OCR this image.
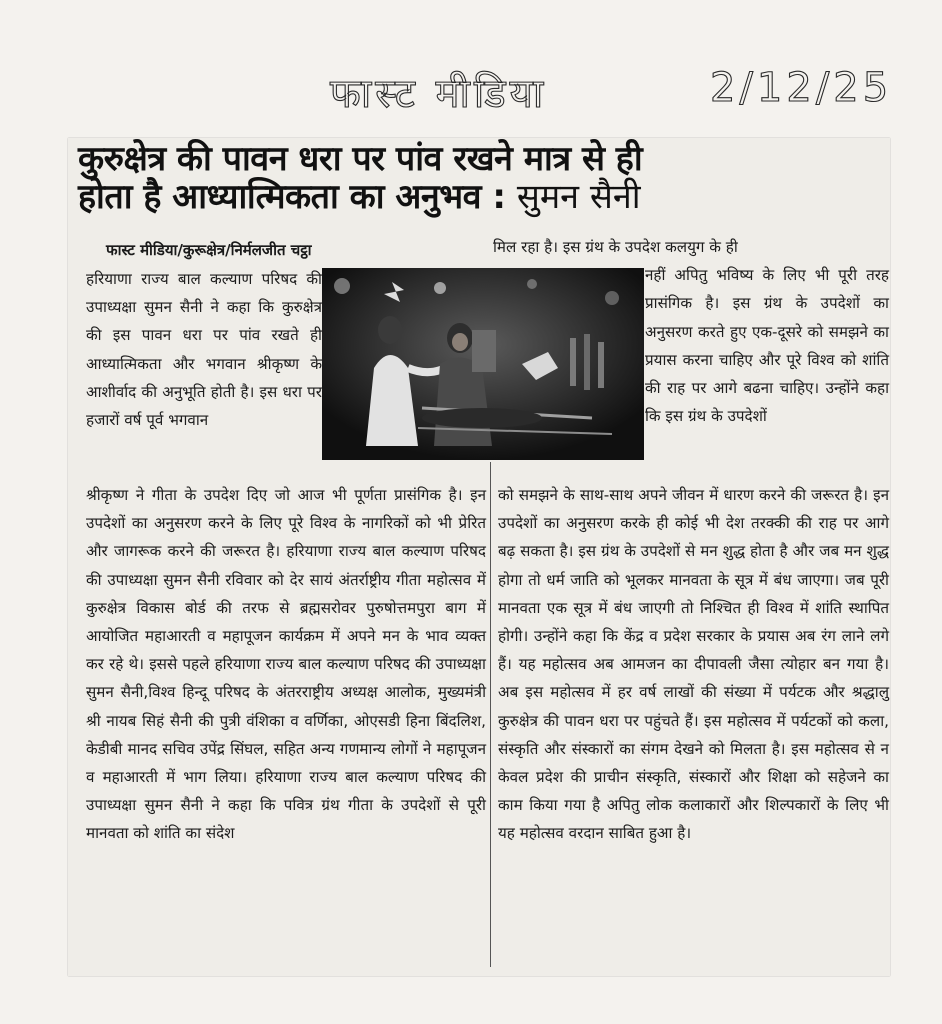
फास्ट मीडिया	2/12/25
कुरुक्षेत्र की पावन धरा पर पांव रखने मात्र से ही
होता है आध्यात्मिकता का अनुभव : सुमन सैनी
फास्ट मीडिया/कुरूक्षेत्र/निर्मलजीत चट्ठा

हरियाणा राज्य बाल कल्याण परिषद की उपाध्यक्षा सुमन सैनी ने कहा कि कुरुक्षेत्र की इस पावन धरा पर पांव रखते ही आध्यात्मिकता और भगवान श्रीकृष्ण के आशीर्वाद की अनुभूति होती है। इस धरा पर हजारों वर्ष पूर्व भगवान

श्रीकृष्ण ने गीता के उपदेश दिए जो आज भी पूर्णता प्रासंगिक है। इन उपदेशों का अनुसरण करने के लिए पूरे विश्व के नागरिकों को भी प्रेरित और जागरूक करने की जरूरत है। हरियाणा राज्य बाल कल्याण परिषद की उपाध्यक्षा सुमन सैनी रविवार को देर सायं अंतर्राष्ट्रीय गीता महोत्सव में कुरुक्षेत्र विकास बोर्ड की तरफ से ब्रह्मसरोवर पुरुषोत्तमपुरा बाग में आयोजित महाआरती व महापूजन कार्यक्रम में अपने मन के भाव व्यक्त कर रहे थे। इससे पहले हरियाणा राज्य बाल कल्याण परिषद की उपाध्यक्षा सुमन सैनी,विश्व हिन्दू परिषद के अंतरराष्ट्रीय अध्यक्ष आलोक, मुख्यमंत्री श्री नायब सिहं सैनी की पुत्री वंशिका व वर्णिका, ओएसडी हिना बिंदलिश, केडीबी मानद सचिव उपेंद्र सिंघल, सहित अन्य गणमान्य लोगों ने महापूजन व महाआरती में भाग लिया। हरियाणा राज्य बाल कल्याण परिषद की उपाध्यक्षा सुमन सैनी ने कहा कि पवित्र ग्रंथ गीता के उपदेशों से पूरी मानवता को शांति का संदेश

मिल रहा है। इस ग्रंथ के उपदेश कलयुग के ही

नहीं अपितु भविष्य के लिए भी पूरी तरह प्रासंगिक है। इस ग्रंथ के उपदेशों का अनुसरण करते हुए एक-दूसरे को समझने का प्रयास करना चाहिए और पूरे विश्व को शांति की राह पर आगे बढना चाहिए। उन्होंने कहा कि इस ग्रंथ के उपदेशों

को समझने के साथ-साथ अपने जीवन में धारण करने की जरूरत है। इन उपदेशों का अनुसरण करके ही कोई भी देश तरक्की की राह पर आगे बढ़ सकता है। इस ग्रंथ के उपदेशों से मन शुद्ध होता है और जब मन शुद्ध होगा तो धर्म जाति को भूलकर मानवता के सूत्र में बंध जाएगा। जब पूरी मानवता एक सूत्र में बंध जाएगी तो निश्चित ही विश्व में शांति स्थापित होगी। उन्होंने कहा कि केंद्र व प्रदेश सरकार के प्रयास अब रंग लाने लगे हैं। यह महोत्सव अब आमजन का दीपावली जैसा त्योहार बन गया है। अब इस महोत्सव में हर वर्ष लाखों की संख्या में पर्यटक और श्रद्धालु कुरुक्षेत्र की पावन धरा पर पहुंचते हैं। इस महोत्सव में पर्यटकों को कला, संस्कृति और संस्कारों का संगम देखने को मिलता है। इस महोत्सव से न केवल प्रदेश की प्राचीन संस्कृति, संस्कारों और शिक्षा को सहेजने का काम किया गया है अपितु लोक कलाकारों और शिल्पकारों के लिए भी यह महोत्सव वरदान साबित हुआ है।
